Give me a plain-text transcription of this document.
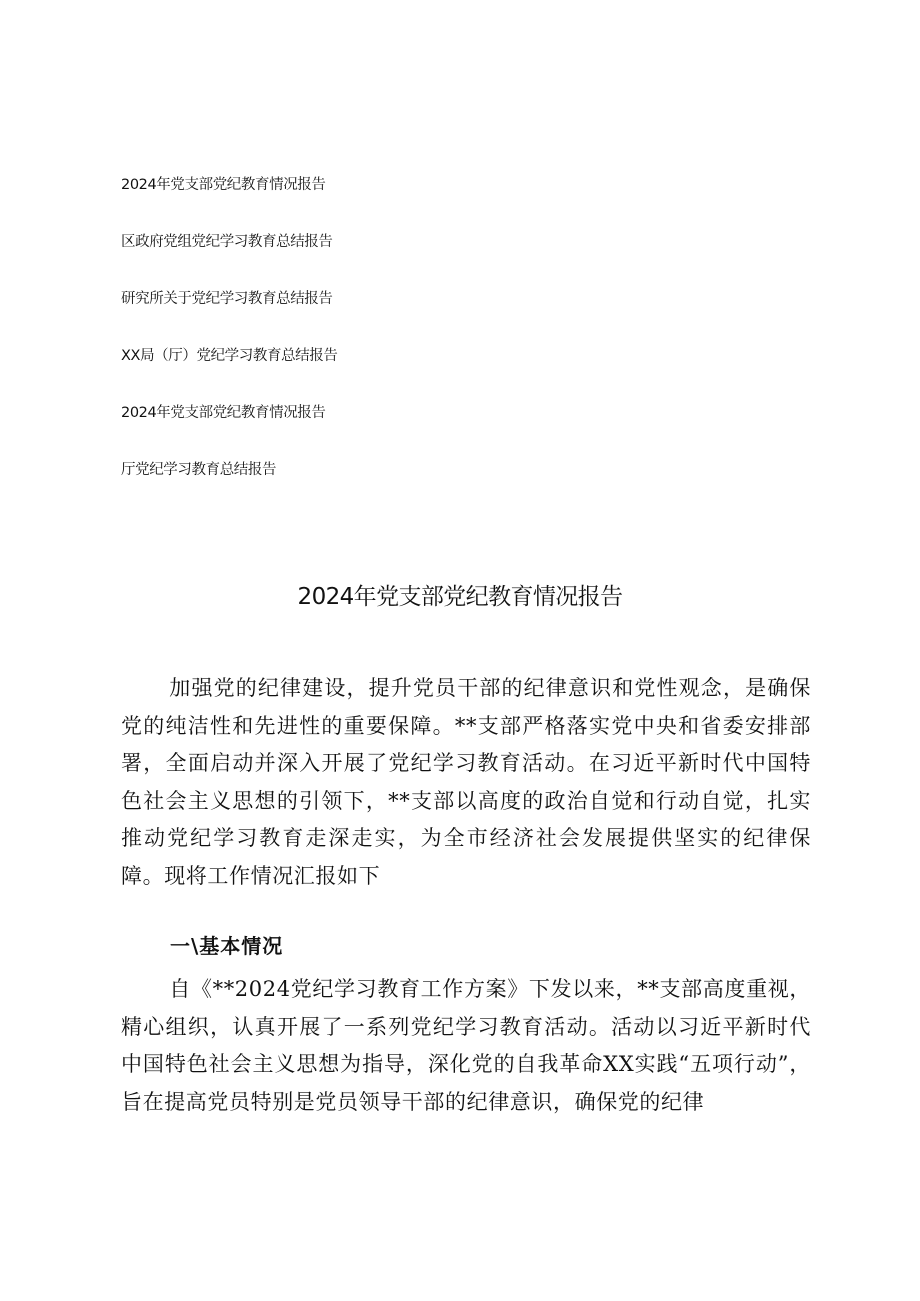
2024年党支部党纪教育情况报告
区政府党组党纪学习教育总结报告
研究所关于党纪学习教育总结报告
XX局（厅）党纪学习教育总结报告
2024年党支部党纪教育情况报告
厅党纪学习教育总结报告
2024年党支部党纪教育情况报告
加强党的纪律建设，提升党员干部的纪律意识和党性观念，是确保党的纯洁性和先进性的重要保障。**支部严格落实党中央和省委安排部署，全面启动并深入开展了党纪学习教育活动。在习近平新时代中国特色社会主义思想的引领下，**支部以高度的政治自觉和行动自觉，扎实推动党纪学习教育走深走实，为全市经济社会发展提供坚实的纪律保障。现将工作情况汇报如下
一\基本情况
自《**2024党纪学习教育工作方案》下发以来，**支部高度重视，精心组织，认真开展了一系列党纪学习教育活动。活动以习近平新时代中国特色社会主义思想为指导，深化党的自我革命XX实践“五项行动”，旨在提高党员特别是党员领导干部的纪律意识，确保党的纪律
